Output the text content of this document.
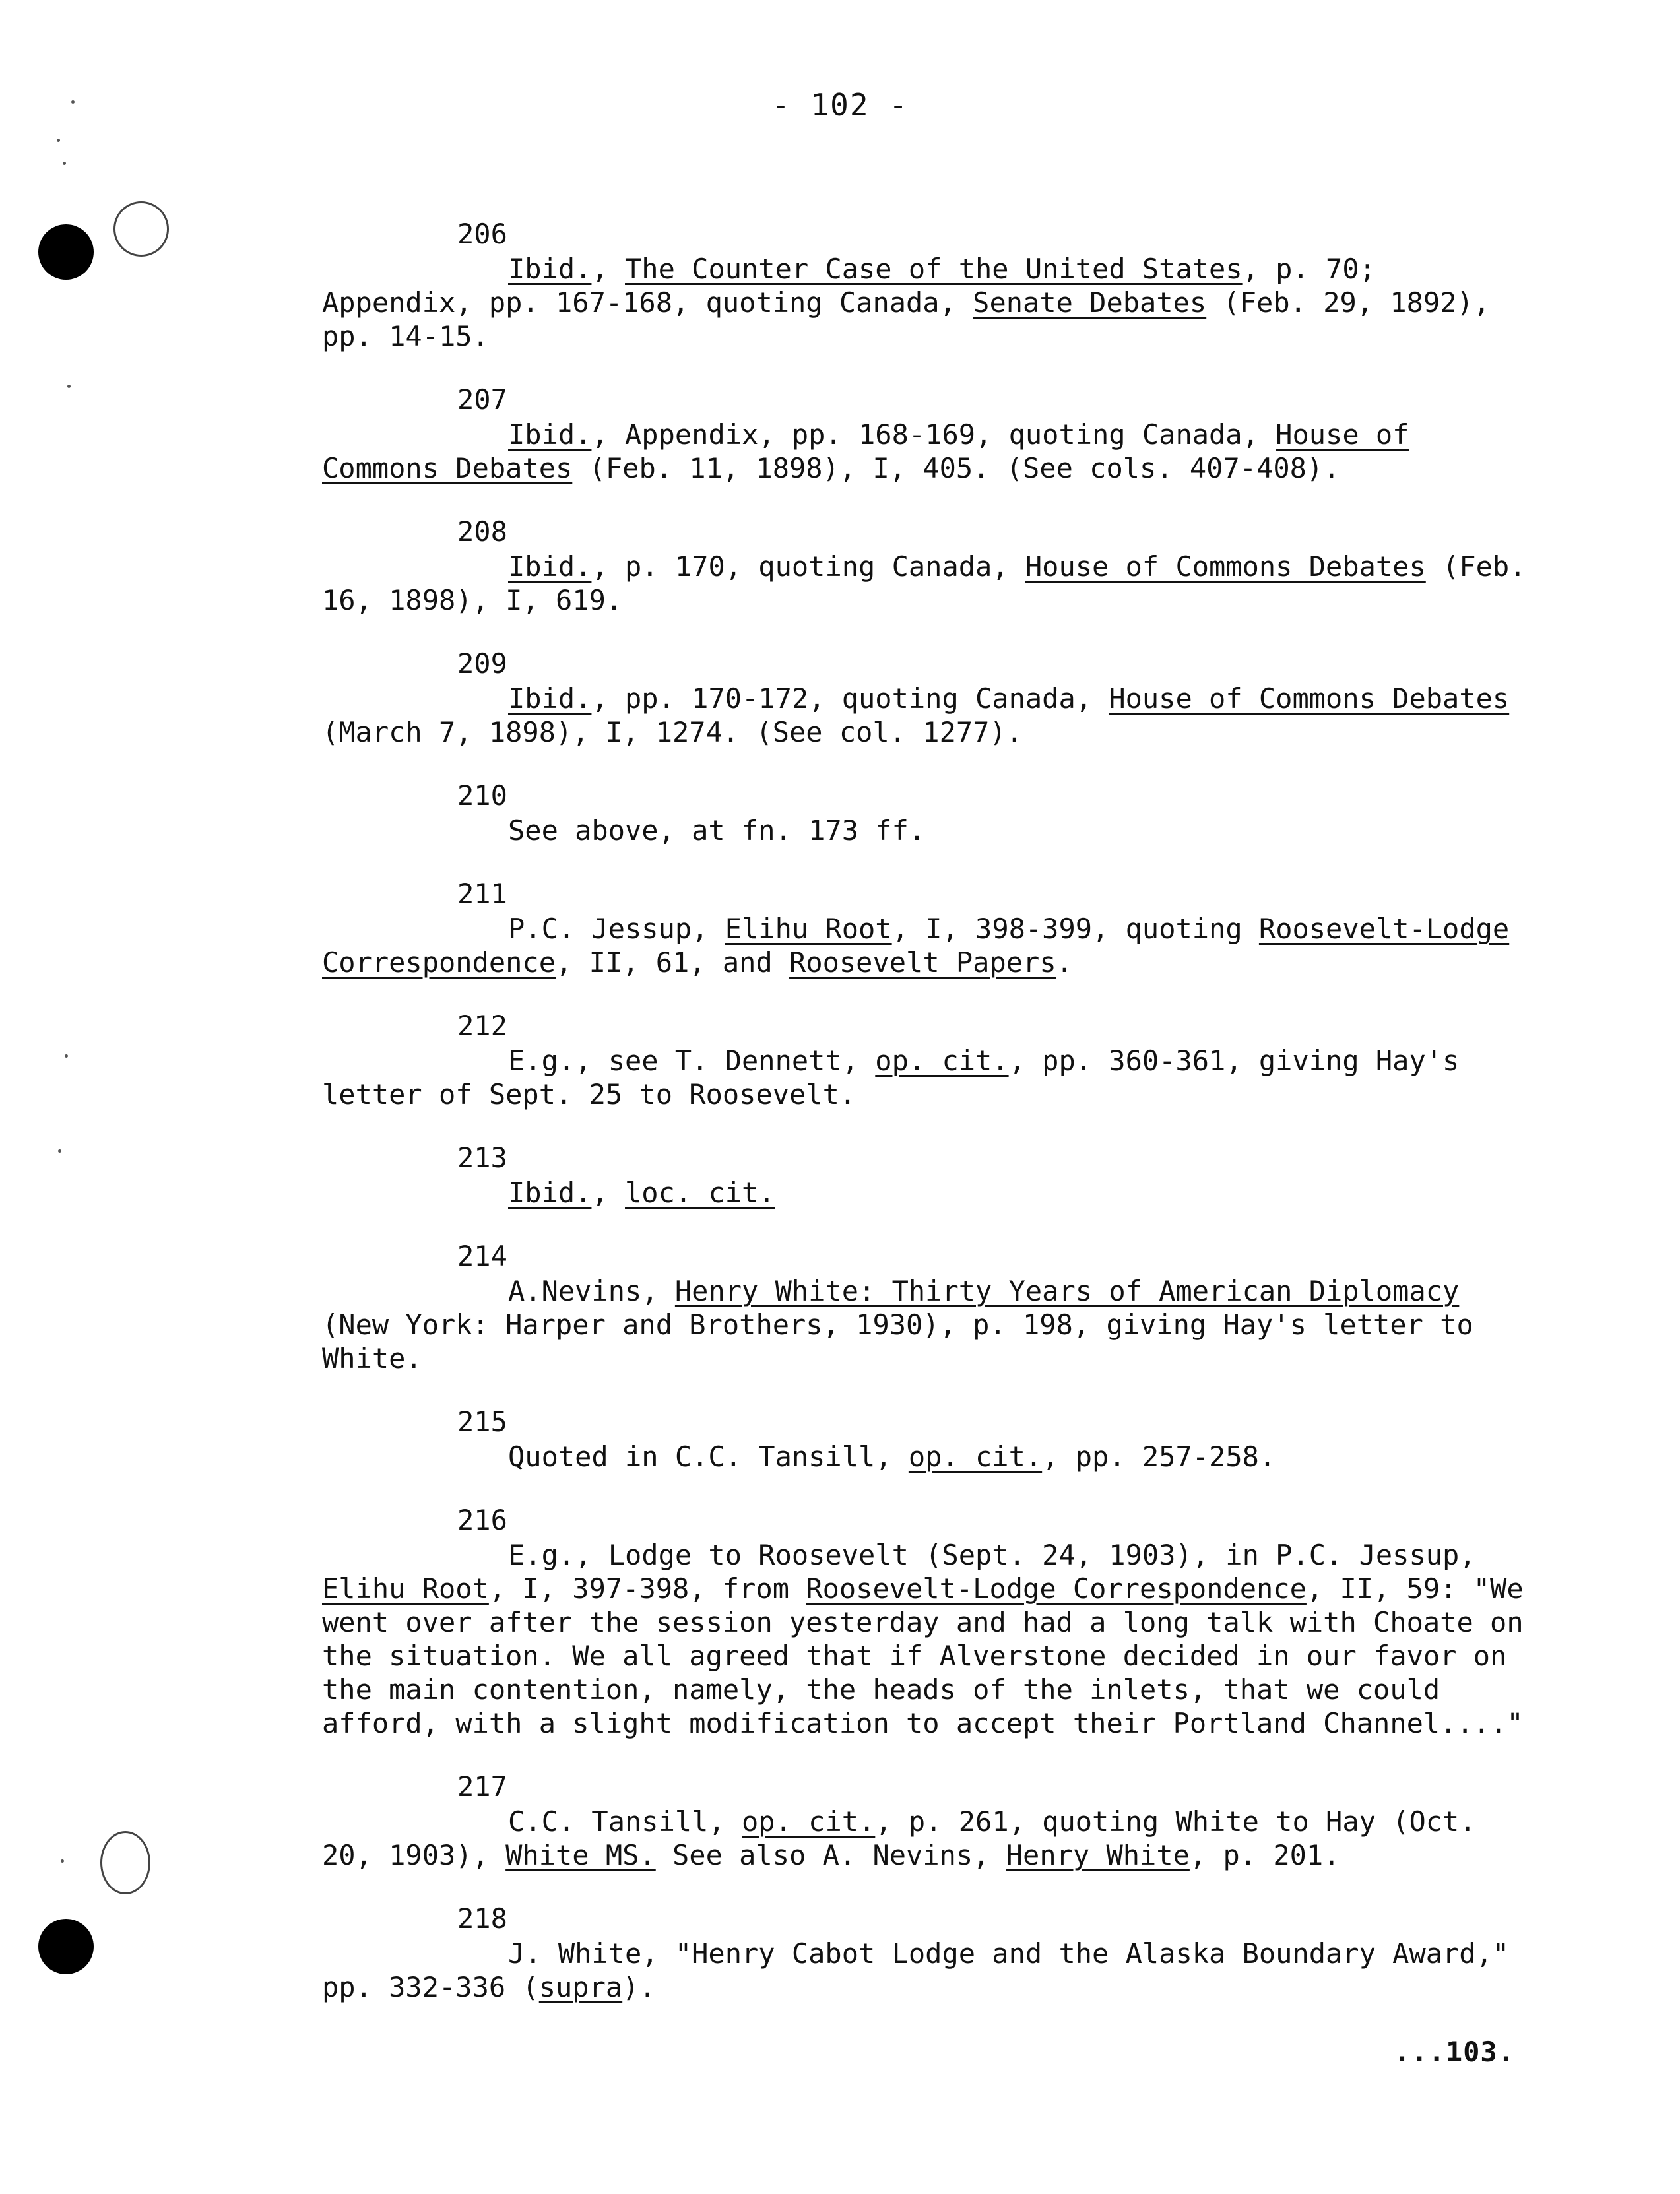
- 102 -
206
Ibid., The Counter Case of the United States, p. 70; Appendix, pp. 167-168, quoting Canada, Senate Debates (Feb. 29, 1892), pp. 14-15.
207
Ibid., Appendix, pp. 168-169, quoting Canada, House of Commons Debates (Feb. 11, 1898), I, 405. (See cols. 407-408).
208
Ibid., p. 170, quoting Canada, House of Commons Debates (Feb. 16, 1898), I, 619.
209
Ibid., pp. 170-172, quoting Canada, House of Commons Debates (March 7, 1898), I, 1274. (See col. 1277).
210
See above, at fn. 173 ff.
211
P.C. Jessup, Elihu Root, I, 398-399, quoting Roosevelt-Lodge Correspondence, II, 61, and Roosevelt Papers.
212
E.g., see T. Dennett, op. cit., pp. 360-361, giving Hay's letter of Sept. 25 to Roosevelt.
213
Ibid., loc. cit.
214
A.Nevins, Henry White: Thirty Years of American Diplomacy (New York: Harper and Brothers, 1930), p. 198, giving Hay's letter to White.
215
Quoted in C.C. Tansill, op. cit., pp. 257-258.
216
E.g., Lodge to Roosevelt (Sept. 24, 1903), in P.C. Jessup, Elihu Root, I, 397-398, from Roosevelt-Lodge Correspondence, II, 59: "We went over after the session yesterday and had a long talk with Choate on the situation. We all agreed that if Alverstone decided in our favor on the main contention, namely, the heads of the inlets, that we could afford, with a slight modification to accept their Portland Channel...."
217
C.C. Tansill, op. cit., p. 261, quoting White to Hay (Oct. 20, 1903), White MS. See also A. Nevins, Henry White, p. 201.
218
J. White, "Henry Cabot Lodge and the Alaska Boundary Award," pp. 332-336 (supra).
...103.
